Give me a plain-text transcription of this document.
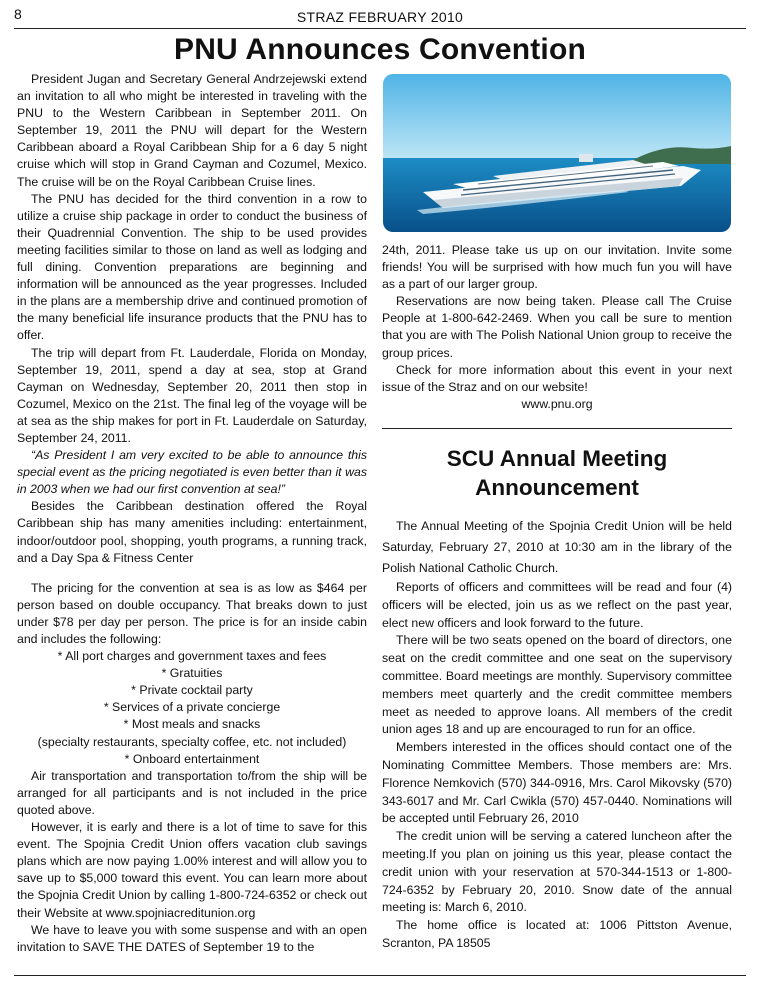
8	STRAZ FEBRUARY 2010
PNU Announces Convention

President Jugan and Secretary General Andrzejewski extend an invitation to all who might be interested in traveling with the PNU to the Western Caribbean in September 2011. On September 19, 2011 the PNU will depart for the Western Caribbean aboard a Royal Caribbean Ship for a 6 day 5 night cruise which will stop in Grand Cayman and Cozumel, Mexico. The cruise will be on the Royal Caribbean Cruise lines.

The PNU has decided for the third convention in a row to utilize a cruise ship package in order to conduct the business of their Quadrennial Convention. The ship to be used provides meeting facilities similar to those on land as well as lodging and full dining. Convention preparations are beginning and information will be announced as the year progresses. Included in the plans are a membership drive and continued promotion of the many beneficial life insurance products that the PNU has to offer.

The trip will depart from Ft. Lauderdale, Florida on Monday, September 19, 2011, spend a day at sea, stop at Grand Cayman on Wednesday, September 20, 2011 then stop in Cozumel, Mexico on the 21st. The final leg of the voyage will be at sea as the ship makes for port in Ft. Lauderdale on Saturday, September 24, 2011.

“As President I am very excited to be able to announce this special event as the pricing negotiated is even better than it was in 2003 when we had our first convention at sea!”

Besides the Caribbean destination offered the Royal Caribbean ship has many amenities including: entertainment, indoor/outdoor pool, shopping, youth programs, a running track, and a Day Spa & Fitness Center

The pricing for the convention at sea is as low as $464 per person based on double occupancy. That breaks down to just under $78 per day per person. The price is for an inside cabin and includes the following:

* All port charges and government taxes and fees

* Gratuities

* Private cocktail party

* Services of a private concierge

* Most meals and snacks

(specialty restaurants, specialty coffee, etc. not included)

* Onboard entertainment

Air transportation and transportation to/from the ship will be arranged for all participants and is not included in the price quoted above.

However, it is early and there is a lot of time to save for this event. The Spojnia Credit Union offers vacation club savings plans which are now paying 1.00% interest and will allow you to save up to $5,000 toward this event. You can learn more about the Spojnia Credit Union by calling 1-800-724-6352 or check out their Website at www.spojniacreditunion.org

We have to leave you with some suspense and with an open invitation to SAVE THE DATES of September 19 to the

24th, 2011. Please take us up on our invitation. Invite some friends! You will be surprised with how much fun you will have as a part of our larger group.

Reservations are now being taken. Please call The Cruise People at 1-800-642-2469. When you call be sure to mention that you are with The Polish National Union group to receive the group prices.

Check for more information about this event in your next issue of the Straz and on our website!

www.pnu.org

SCU Annual Meeting
Announcement

The Annual Meeting of the Spojnia Credit Union will be held Saturday, February 27, 2010 at 10:30 am in the library of the Polish National Catholic Church.

Reports of officers and committees will be read and four (4) officers will be elected, join us as we reflect on the past year, elect new officers and look forward to the future.

There will be two seats opened on the board of directors, one seat on the credit committee and one seat on the supervisory committee. Board meetings are monthly. Supervisory committee members meet quarterly and the credit committee members meet as needed to approve loans. All members of the credit union ages 18 and up are encouraged to run for an office.

Members interested in the offices should contact one of the Nominating Committee Members. Those members are: Mrs. Florence Nemkovich (570) 344-0916, Mrs. Carol Mikovsky (570) 343-6017 and Mr. Carl Cwikla (570) 457-0440. Nominations will be accepted until February 26, 2010

The credit union will be serving a catered luncheon after the meeting.If you plan on joining us this year, please contact the credit union with your reservation at 570-344-1513 or 1-800-724-6352 by February 20, 2010. Snow date of the annual meeting is: March 6, 2010.

The home office is located at: 1006 Pittston Avenue, Scranton, PA 18505
